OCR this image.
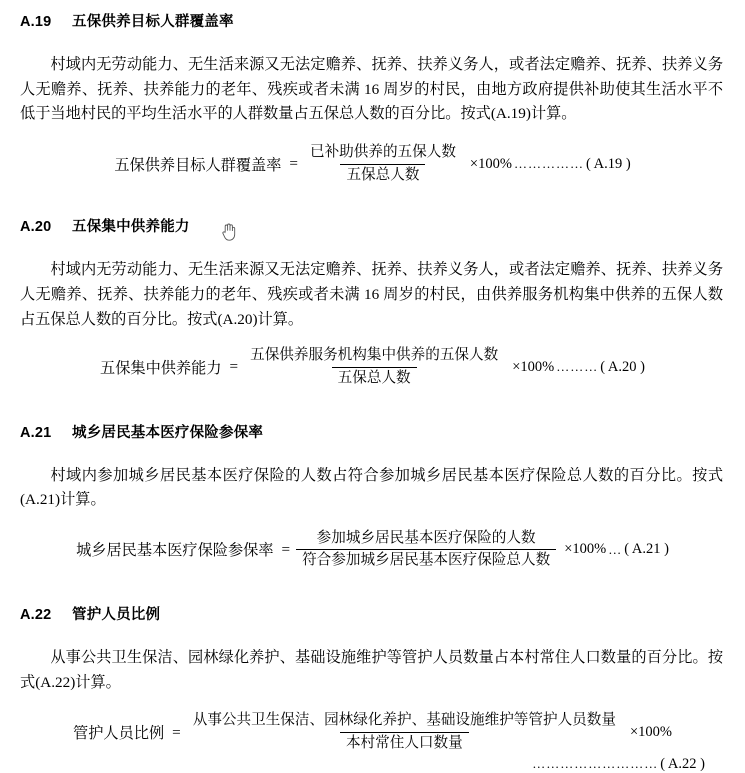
A.19 五保供养目标人群覆盖率

村域内无劳动能力、无生活来源又无法定赡养、抚养、扶养义务人，或者法定赡养、抚养、扶养义务人无赡养、抚养、扶养能力的老年、残疾或者未满 16 周岁的村民，由地方政府提供补助使其生活水平不低于当地村民的平均生活水平的人群数量占五保总人数的百分比。按式(A.19)计算。

五保供养目标人群覆盖率 = $\frac{\text{已补助供养的五保人数}}{\text{五保总人数}} \times 100\%$ …………… ( A.19 )
A.20 五保集中供养能力

村域内无劳动能力、无生活来源又无法定赡养、抚养、扶养义务人，或者法定赡养、抚养、扶养义务人无赡养、抚养、扶养能力的老年、残疾或者未满 16 周岁的村民，由供养服务机构集中供养的五保人数占五保总人数的百分比。按式(A.20)计算。

五保集中供养能力 = $\frac{\text{五保供养服务机构集中供养的五保人数}}{\text{五保总人数}} \times 100\%$ ……… ( A.20 )
A.21 城乡居民基本医疗保险参保率

村域内参加城乡居民基本医疗保险的人数占符合参加城乡居民基本医疗保险总人数的百分比。按式(A.21)计算。

城乡居民基本医疗保险参保率 = $\frac{\text{参加城乡居民基本医疗保险的人数}}{\text{符合参加城乡居民基本医疗保险总人数}} \times 100\%$ … ( A.21 )
A.22 管护人员比例

从事公共卫生保洁、园林绿化养护、基础设施维护等管护人员数量占本村常住人口数量的百分比。按式(A.22)计算。

管护人员比例 = $\frac{\text{从事公共卫生保洁、园林绿化养护、基础设施维护等管护人员数量}}{\text{本村常住人口数量}} \times 100\%$
……………………… ( A.22 )
